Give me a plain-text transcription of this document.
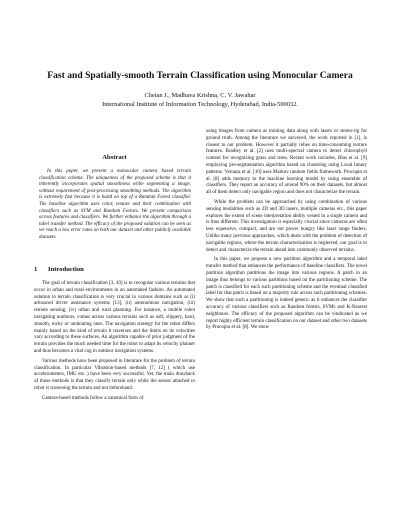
Fast and Spatially-smooth Terrain Classification using Monocular Camera
Chetan J., Madhava Krishna, C. V. Jawahar
International Institute of Information Technology, Hyderabad, India-500032.
Abstract

In this paper, we present a monocular camera based terrain classification scheme. The uniqueness of the proposed scheme is that it inherently incorporates spatial smoothness while segmenting a image, without requirement of post-processing smoothing methods. The algorithm is extremely fast because it is build on top of a Random Forest classifier. The baseline algorithm uses color, texture and their combination with classifiers such as SVM and Random Forests. We present comparison across features and classifiers. We further enhance the algorithm through a label transfer method. The efficacy of the proposed solution can be seen as we reach a low error rates on both our dataset and other publicly available datasets.

1 Introduction

The goal of terrain classification [3, 10] is to recognize various terrains that occur in urban and rural environments in an automated fashion. An automated solution to terrain classification is very crucial in various domains such as (i) advanced driver assistance systems [13], (ii) autonomous navigation, (iii) remote sensing, (iv) urban and rural planning. For instance, a mobile robot navigating outdoors, comes across various terrains such as soft, slippery, hard, smooth, rocky or undulating ones. The navigation strategy for the robot differs mainly based on the kind of terrain it traverses and the limits on its velocities vary according to these surfaces. An algorithm capable of prior judgment of the terrain provides the much needed time for the robot to adapt its velocity planner and thus becomes a vital cog in outdoor navigation systems.

Various methods have been proposed in literature for the problem of terrain classification. In particular Vibration-based methods [7, 12] ( which use accelerometers, IMU etc. ) have been very successful. Yet, the main drawback of those methods is that they classify terrain only while the sensor attached to robot is traversing the terrain and not beforehand.

Camera-based methods follow a canonical form of

using images from camera as training data along with lasers or stereo-rig for ground truth. Among the literature we surveyed, the work reported in [1], is closest to our problem. However it partially relies on time-consuming texture features. Bradley et al. [2] uses multi-spectral camera to detect chlorophyll content for recognizing grass and trees. Recent work includes, Blas et al. [9] employing pre-segmentation algorithm based on clustering using Local binary patterns. Vernaza et al. [10] uses Markov random fields framework. Procopio et al. [8] adds memory to the machine learning model by using ensemble of classifiers. They report an accuracy of around 90% on their datasets, but almost all of them detect only navigable region and does not characterize the terrain.

While the problem can be approached by using combination of various sensing modalities such as 2D and 3D lasers, multiple cameras etc., this paper explores the extent of scene interpretation ability vested in a single camera and is thus different. This investigation is especially crucial since cameras are often less expensive, compact, and are not power hungry like laser range finders. Unlike many previous approaches, which deals with the problem of detection of navigable regions, where the terrain characterization is neglected, our goal is to detect and characterize the terrain ahead into commonly observed terrains.

In this paper, we propose a new partition algorithm and a temporal label transfer method that enhances the performance of baseline classifiers. The novel partition algorithm partitions the image into various regions. A patch in an image thus belongs to various partitions based on the partitioning scheme. The patch is classified for each such partitioning scheme and the eventual classified label for that patch is based on a majority rule across such partitioning schemes. We show that such a partitioning is indeed generic as it enhances the classifier accuracy of various classifiers such as Random forests, SVMs and K-Nearest neighbours. The efficacy of the proposed algorithm can be vindicated as we report highly efficient terrain classification on our dataset and other two datasets by Procopio et al. [8]. We show
